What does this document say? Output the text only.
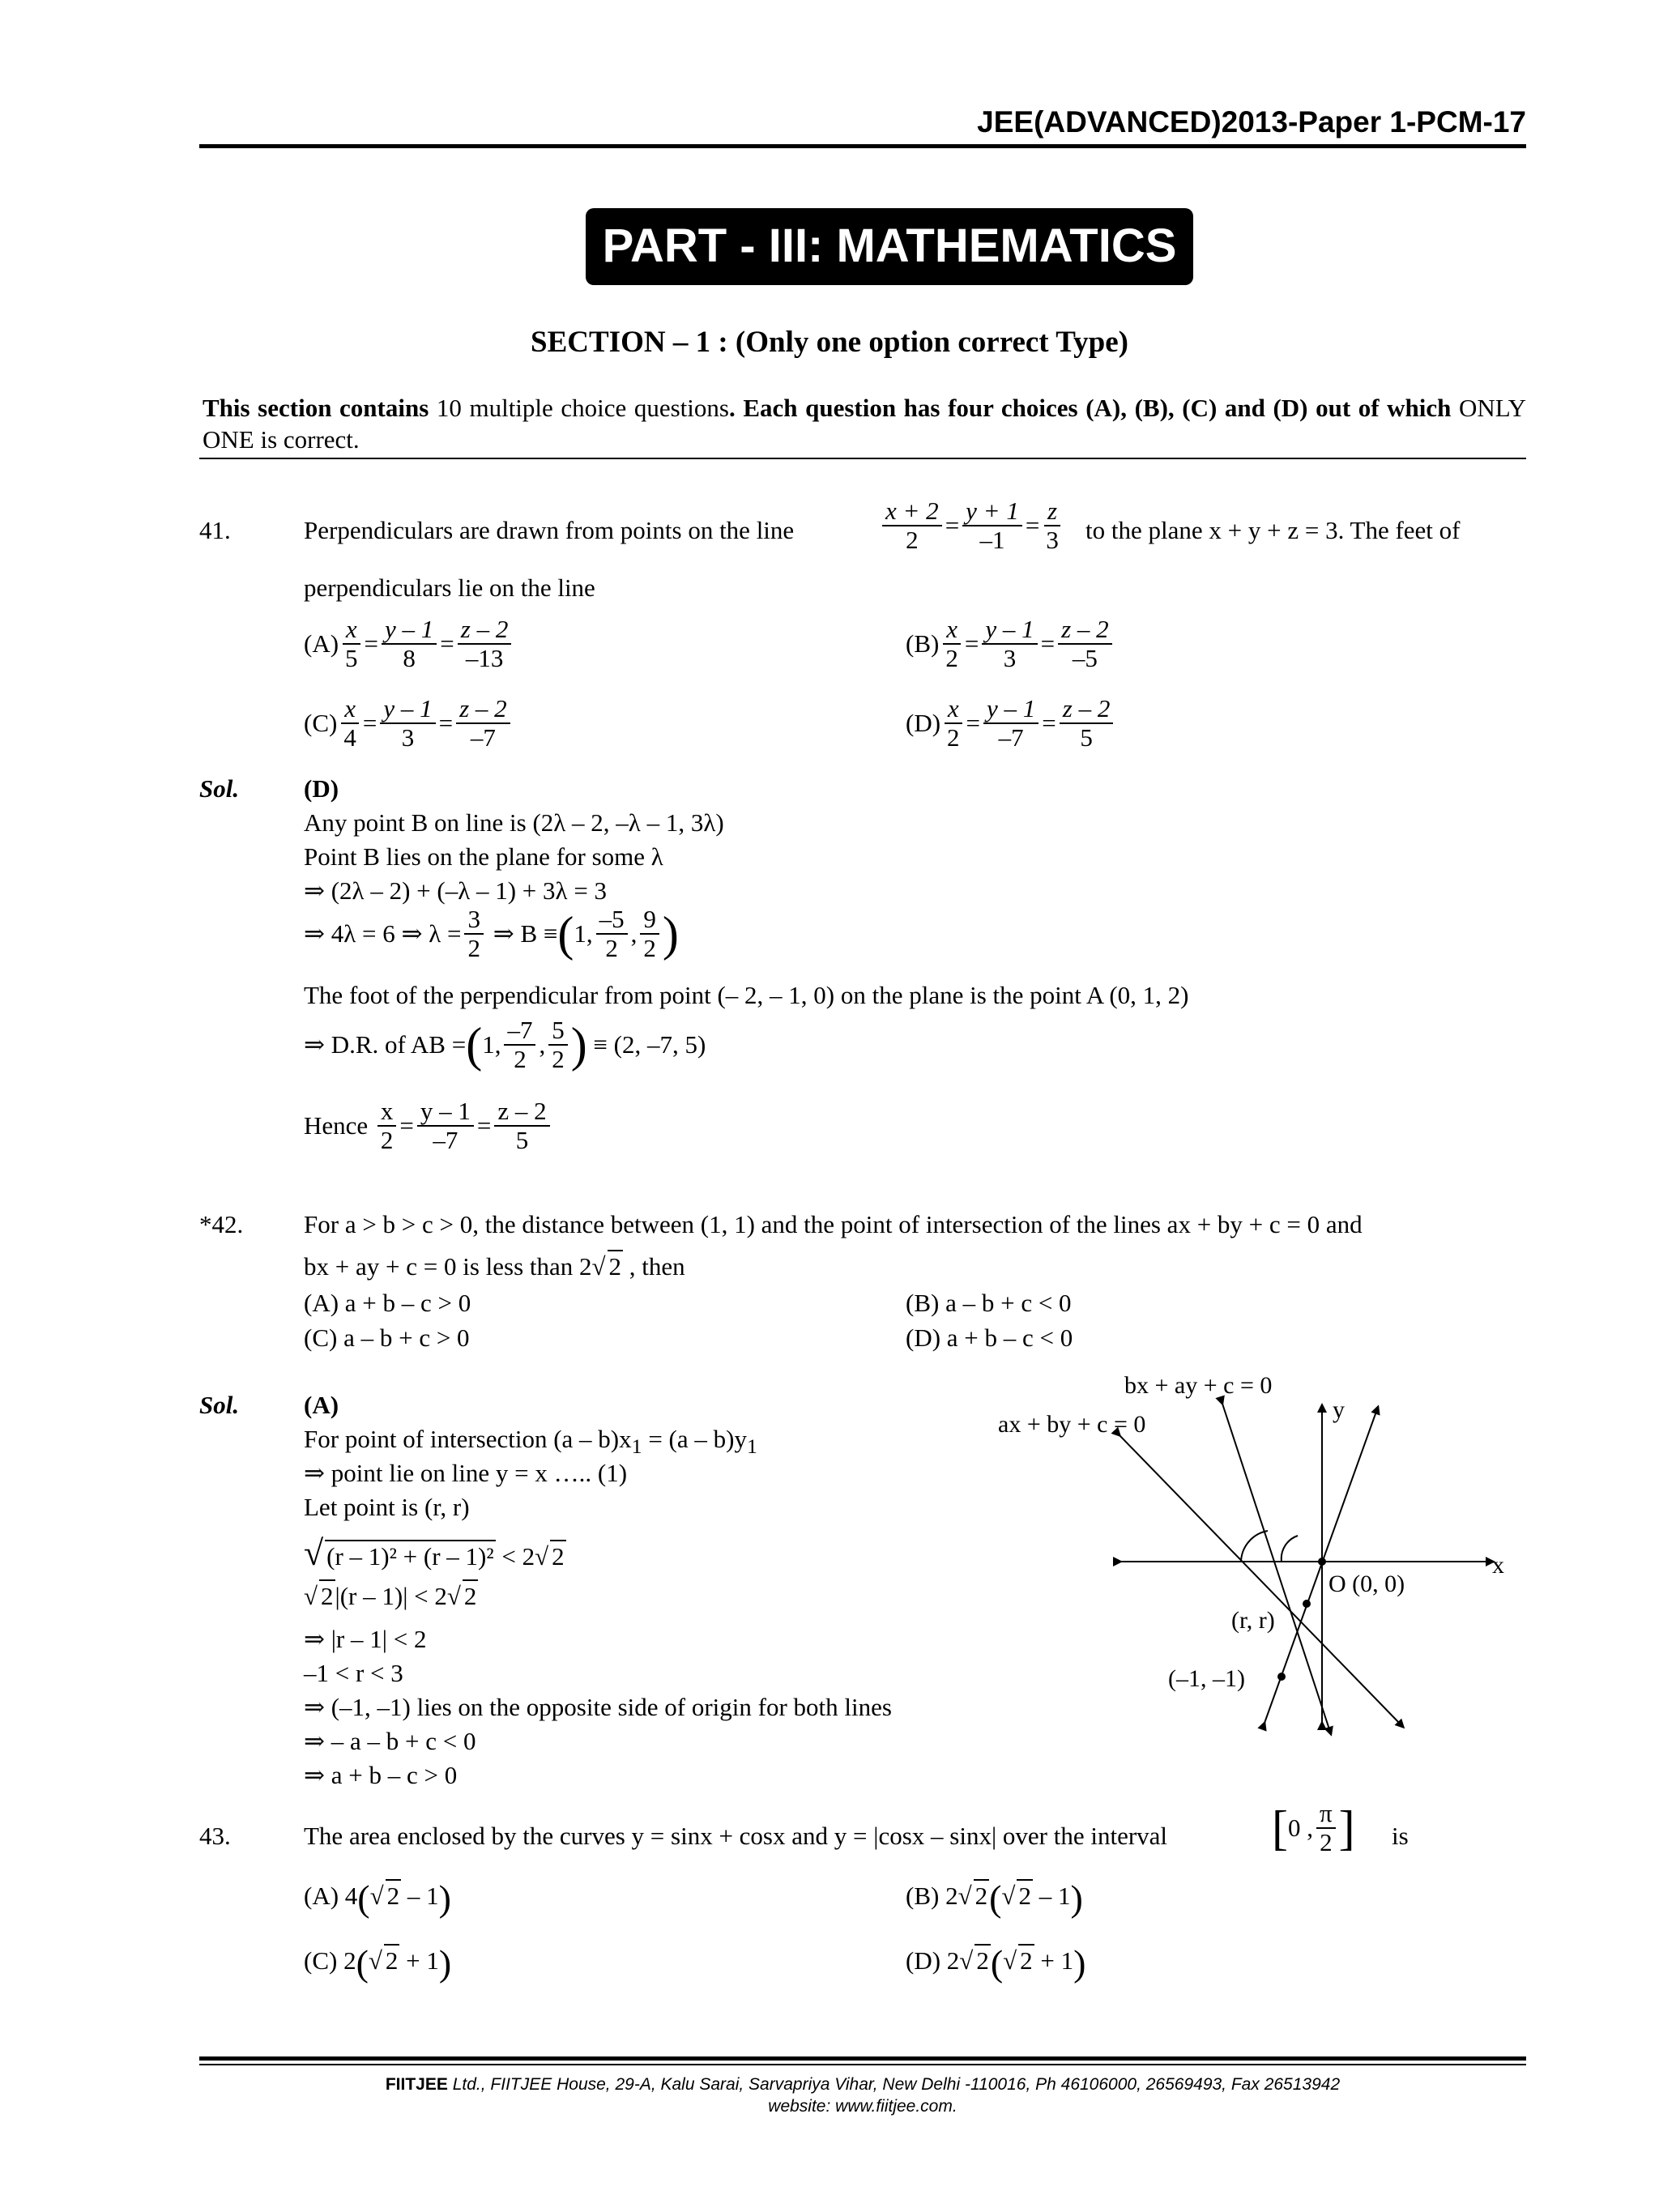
JEE(ADVANCED)2013-Paper 1-PCM-17
PART - III: MATHEMATICS
SECTION – 1 : (Only one option correct Type)
This section contains 10 multiple choice questions. Each question has four choices (A), (B), (C) and (D) out of which ONLY ONE is correct.
41.	Perpendiculars are drawn from points on the line	$\frac{x + 2}{2} = \frac{y + 1}{-1} = \frac{z}{3}$ to the plane x + y + z = 3. The feet of
perpendiculars lie on the line
$(A) \frac{x}{5} = \frac{y - 1}{8} = \frac{z - 2}{-13}$	$(B) \frac{x}{2} = \frac{y - 1}{3} = \frac{z - 2}{-5}$
$(C) \frac{x}{4} = \frac{y - 1}{3} = \frac{z - 2}{-7}$	$(D) \frac{x}{2} = \frac{y - 1}{-7} = \frac{z - 2}{5}$
Sol.	(D)
Any point B on line is (2λ – 2, –λ – 1, 3λ)
Point B lies on the plane for some λ
⇒ (2λ – 2) + (–λ – 1) + 3λ = 3
⇒ 4λ = 6 ⇒ $\lambda = \frac{3}{2}$
⇒ B ≡ ( 1, $\frac{-5}{2}$ , $\frac{9}{2}$ )
The foot of the perpendicular from point (– 2, – 1, 0) on the plane is the point A (0, 1, 2)
⇒ D.R. of AB = ( 1, $\frac{-7}{2}$ , $\frac{5}{2}$ )
≡ (2, –7, 5)
Hence
$\frac{x}{2} = \frac{y - 1}{-7} = \frac{z - 2}{5}$
*42. For a > b > c > 0, the distance between (1, 1) and the point of intersection of the lines ax + by + c = 0 and
bx + ay + c = 0 is less than 2√ 2 , then
(A) a + b – c > 0	(B) a – b + c < 0
(C) a – b + c > 0	(D) a + b – c < 0
Sol.	(A)
For point of intersection $(a - b)x_1 = (a - b)y_1$
⇒ point lie on line y = x ….. (1)
Let point is (r, r)
√ (r – 1)² + (r – 1)² < 2√ 2
√ 2|(r – 1)| < 2√ 2
⇒ |r – 1| < 2
–1 < r < 3
⇒ (–1, –1) lies on the opposite side of origin for both lines
⇒ – a – b + c < 0
⇒ a + b – c > 0
bx + ay + c = 0
ax + by + c = 0
y
x
O (0, 0)
(r, r)
(–1, –1)
43.	The area enclosed by the curves y = sinx + cosx and y = |cosx – sinx| over the interval [ 0 , $\frac{\pi}{2}$ ] is
(A) 4(√ 2 – 1)	(B) 2√ 2(√ 2 – 1)
(C) 2(√ 2 + 1)	(D) 2√ 2(√ 2 + 1)
FIITJEE Ltd., FIITJEE House, 29-A, Kalu Sarai, Sarvapriya Vihar, New Delhi -110016, Ph 46106000, 26569493, Fax 26513942
website: www.fiitjee.com.
